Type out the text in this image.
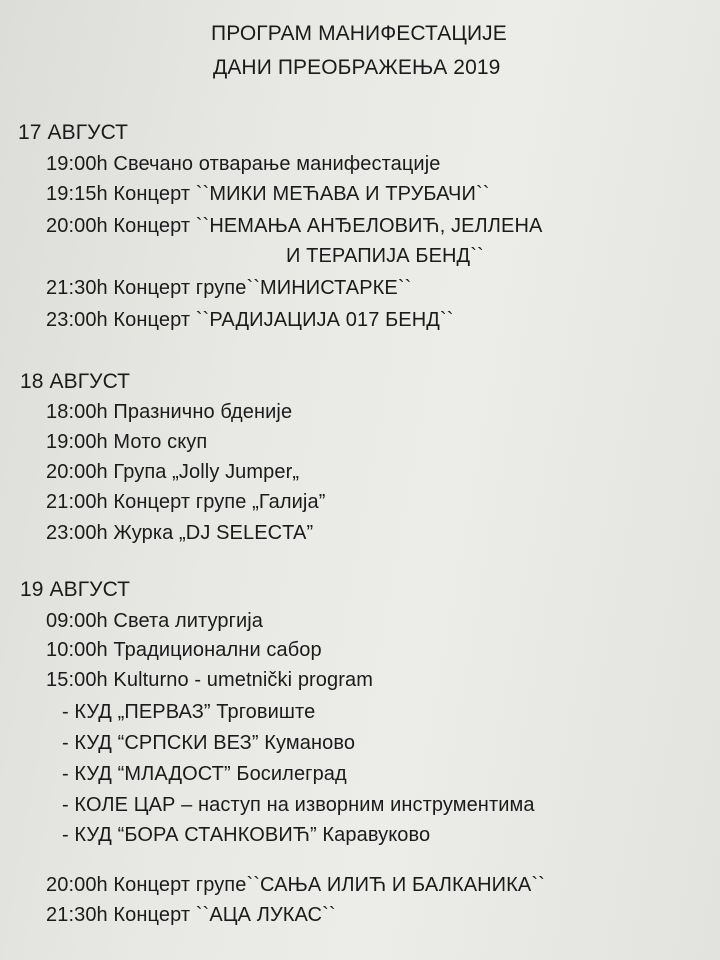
ПРОГРАМ МАНИФЕСТАЦИЈЕ
ДАНИ ПРЕОБРАЖЕЊА 2019
17 АВГУСТ
19:00h Свечано отварање манифестације
19:15h Концерт ``МИКИ МЕЋАВА И ТРУБАЧИ``
20:00h Концерт ``НЕМАЊА АНЂЕЛОВИЋ, ЈЕЛЛЕНА
И ТЕРАПИЈА БЕНД``
21:30h Концерт групе``МИНИСТАРКЕ``
23:00h Концерт ``РАДИЈАЦИЈА 017 БЕНД``
18 АВГУСТ
18:00h Празнично бденије
19:00h Мото скуп
20:00h Група „Jolly Jumper„
21:00h Концерт групе „Галија”
23:00h Журка „DJ SELECTA”
19 АВГУСТ
09:00h Света литургија
10:00h Традиционални сабор
15:00h Kulturno - umetnički program
- КУД „ПЕРВАЗ” Трговиште
- КУД “СРПСКИ ВЕЗ” Куманово
- КУД “МЛАДОСТ” Босилеград
- КОЛЕ ЦАР – наступ на изворним инструментима
- КУД “БОРА СТАНКОВИЋ” Каравуково
20:00h Концерт групе``САЊА ИЛИЋ И БАЛКАНИКА``
21:30h Концерт ``АЦА ЛУКАС``
